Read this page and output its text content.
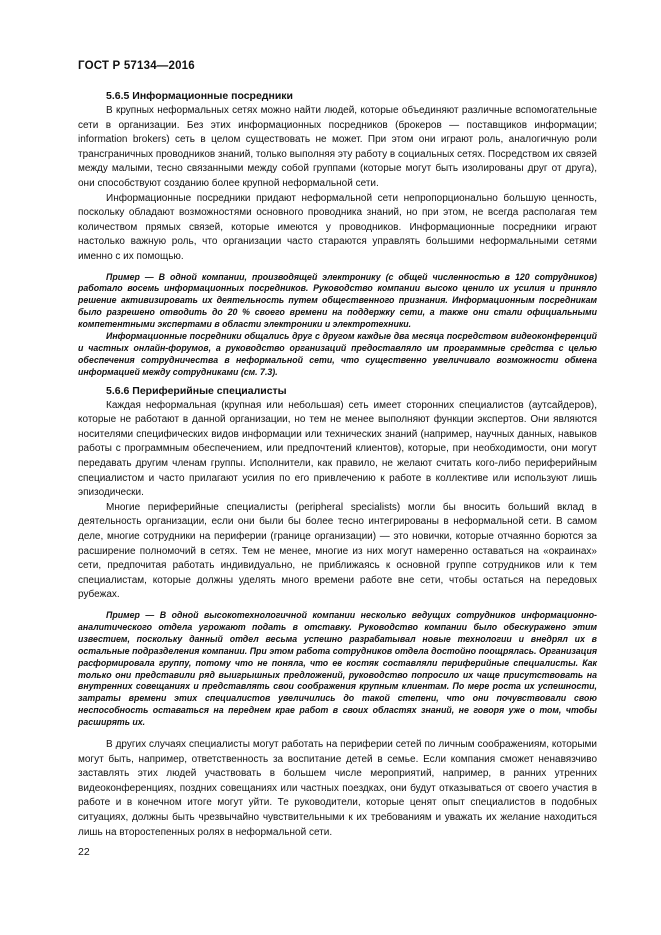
ГОСТ Р 57134—2016
5.6.5 Информационные посредники

В крупных неформальных сетях можно найти людей, которые объединяют различные вспомогательные сети в организации. Без этих информационных посредников (брокеров — поставщиков информации; information brokers) сеть в целом существовать не может. При этом они играют роль, аналогичную роли трансграничных проводников знаний, только выполняя эту работу в социальных сетях. Посредством их связей между малыми, тесно связанными между собой группами (которые могут быть изолированы друг от друга), они способствуют созданию более крупной неформальной сети.

Информационные посредники придают неформальной сети непропорционально большую ценность, поскольку обладают возможностями основного проводника знаний, но при этом, не всегда располагая тем количеством прямых связей, которые имеются у проводников. Информационные посредники играют настолько важную роль, что организации часто стараются управлять большими неформальными сетями именно с их помощью.

Пример — В одной компании, производящей электронику (с общей численностью в 120 сотрудников) работало восемь информационных посредников. Руководство компании высоко ценило их усилия и приняло решение активизировать их деятельность путем общественного признания. Информационным посредникам было разрешено отводить до 20 % своего времени на поддержку сети, а также они стали официальными компетентными экспертами в области электроники и электротехники.

Информационные посредники общались друг с другом каждые два месяца посредством видеоконференций и частных онлайн-форумов, а руководство организаций предоставляло им программные средства с целью обеспечения сотрудничества в неформальной сети, что существенно увеличивало возможности обмена информацией между сотрудниками (см. 7.3).

5.6.6 Периферийные специалисты

Каждая неформальная (крупная или небольшая) сеть имеет сторонних специалистов (аутсайдеров), которые не работают в данной организации, но тем не менее выполняют функции экспертов. Они являются носителями специфических видов информации или технических знаний (например, научных данных, навыков работы с программным обеспечением, или предпочтений клиентов), которые, при необходимости, они могут передавать другим членам группы. Исполнители, как правило, не желают считать кого-либо периферийным специалистом и часто прилагают усилия по его привлечению к работе в коллективе или используют лишь эпизодически.

Многие периферийные специалисты (peripheral specialists) могли бы вносить больший вклад в деятельность организации, если они были бы более тесно интегрированы в неформальной сети. В самом деле, многие сотрудники на периферии (границе организации) — это новички, которые отчаянно борются за расширение полномочий в сетях. Тем не менее, многие из них могут намеренно оставаться на «окраинах» сети, предпочитая работать индивидуально, не приближаясь к основной группе сотрудников или к тем специалистам, которые должны уделять много времени работе вне сети, чтобы остаться на передовых рубежах.

Пример — В одной высокотехнологичной компании несколько ведущих сотрудников информационно-аналитического отдела угрожают подать в отставку. Руководство компании было обескуражено этим известием, поскольку данный отдел весьма успешно разрабатывал новые технологии и внедрял их в остальные подразделения компании. При этом работа сотрудников отдела достойно поощрялась. Организация расформировала группу, потому что не поняла, что ее костяк составляли периферийные специалисты. Как только они представили ряд выигрышных предложений, руководство попросило их чаще присутствовать на внутренних совещаниях и представлять свои соображения крупным клиентам. По мере роста их успешности, затраты времени этих специалистов увеличились до такой степени, что они почувствовали свою неспособность оставаться на переднем крае работ в своих областях знаний, не говоря уже о том, чтобы расширять их.

В других случаях специалисты могут работать на периферии сетей по личным соображениям, которыми могут быть, например, ответственность за воспитание детей в семье. Если компания сможет ненавязчиво заставлять этих людей участвовать в большем числе мероприятий, например, в ранних утренних видеоконференциях, поздних совещаниях или частных поездках, они будут отказываться от своего участия в работе и в конечном итоге могут уйти. Те руководители, которые ценят опыт специалистов в подобных ситуациях, должны быть чрезвычайно чувствительными к их требованиям и уважать их желание находиться лишь на второстепенных ролях в неформальной сети.

22
